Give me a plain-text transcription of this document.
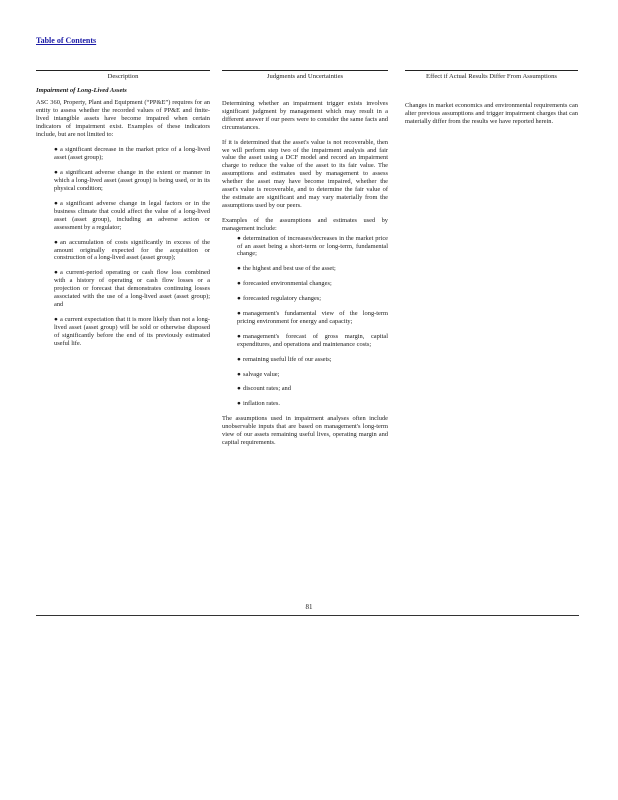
Table of Contents
Description
Impairment of Long-Lived Assets

ASC 360, Property, Plant and Equipment (“PP&E”) requires for an entity to assess whether the recorded values of PP&E and finite-lived intangible assets have become impaired when certain indicators of impairment exist. Examples of these indicators include, but are not limited to:

● a significant decrease in the market price of a long-lived asset (asset group);
● a significant adverse change in the extent or manner in which a long-lived asset (asset group) is being used, or in its physical condition;
● a significant adverse change in legal factors or in the business climate that could affect the value of a long-lived asset (asset group), including an adverse action or assessment by a regulator;
● an accumulation of costs significantly in excess of the amount originally expected for the acquisition or construction of a long-lived asset (asset group);
● a current-period operating or cash flow loss combined with a history of operating or cash flow losses or a projection or forecast that demonstrates continuing losses associated with the use of a long-lived asset (asset group); and
● a current expectation that it is more likely than not a long-lived asset (asset group) will be sold or otherwise disposed of significantly before the end of its previously estimated useful life.
Judgments and Uncertainties

Determining whether an impairment trigger exists involves significant judgment by management which may result in a different answer if our peers were to consider the same facts and circumstances.

If it is determined that the asset's value is not recoverable, then we will perform step two of the impairment analysis and fair value the asset using a DCF model and record an impairment charge to reduce the value of the asset to its fair value. The assumptions and estimates used by management to assess whether the asset may have become impaired, whether the asset's value is recoverable, and to determine the fair value of the estimate are significant and may vary materially from the assumptions used by our peers.

Examples of the assumptions and estimates used by management include:

● determination of increases/decreases in the market price of an asset being a short-term or long-term, fundamental change;
● the highest and best use of the asset;
● forecasted environmental changes;
● forecasted regulatory changes;
● management's fundamental view of the long-term pricing environment for energy and capacity;
● management's forecast of gross margin, capital expenditures, and operations and maintenance costs;
● remaining useful life of our assets;
● salvage value;
● discount rates; and
● inflation rates.

The assumptions used in impairment analyses often include unobservable inputs that are based on management's long-term view of our assets remaining useful lives, operating margin and capital requirements.

Effect if Actual Results Differ From Assumptions

Changes in market economics and environmental requirements can alter previous assumptions and trigger impairment charges that can materially differ from the results we have reported herein.

81
